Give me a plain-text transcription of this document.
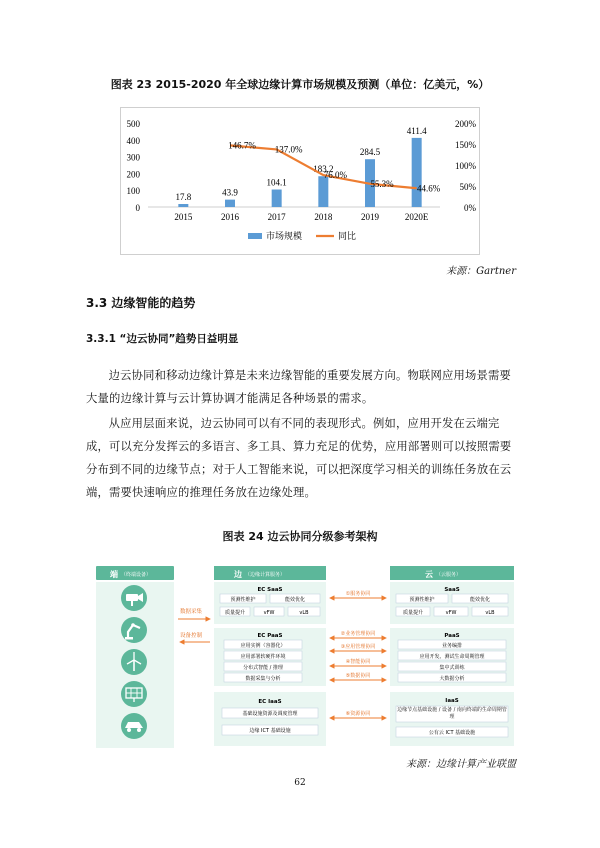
图表 23 2015-2020 年全球边缘计算市场规模及预测（单位：亿美元，%）
0
100
200
300
400
500
0%
50%
100%
150%
200%
17.8	43.9
104.1
183.2
284.5
411.4
2015	2016	2017	2018	2019	2020E
146.7% 137.0%
76.0%
55.3%	44.6%
市场规模	同比
来源：Gartner
3.3 边缘智能的趋势
3.3.1 “边云协同”趋势日益明显
边云协同和移动边缘计算是未来边缘智能的重要发展方向。物联网应用场景需要大量的边缘计算与云计算协调才能满足各种场景的需求。
从应用层面来说，边云协同可以有不同的表现形式。例如，应用开发在云端完成，可以充分发挥云的多语言、多工具、算力充足的优势，应用部署则可以按照需要分布到不同的边缘节点；对于人工智能来说，可以把深度学习相关的训练任务放在云端，需要快速响应的推理任务放在边缘处理。
图表 24 边云协同分级参考架构
端 （终端设备）
数据采集
设备控制
边 （边缘计算服务）
EC SaaS
预测性维护	能效优化
质量提升	vFW	vLB
EC PaaS
应用实例（容器化）
应用部署软硬件环境
分布式智能 / 推理
数据采集与分析
EC IaaS
基础设施资源及调度管理
边缘 ICT 基础设施
①服务协同
②业务管理协同
③应用管理协同
④智能协同
⑤数据协同
⑥资源协同
云 （云服务）
SaaS
预测性维护	能效优化
质量提升	vFW	vLB
PaaS
业务编排
应用开发、测试生命周期管理
集中式训练
大数据分析
IaaS
边缘节点基础设施 / 设备 / 南向终端的生命周期管理
公有云 ICT 基础设施
来源：边缘计算产业联盟
62
